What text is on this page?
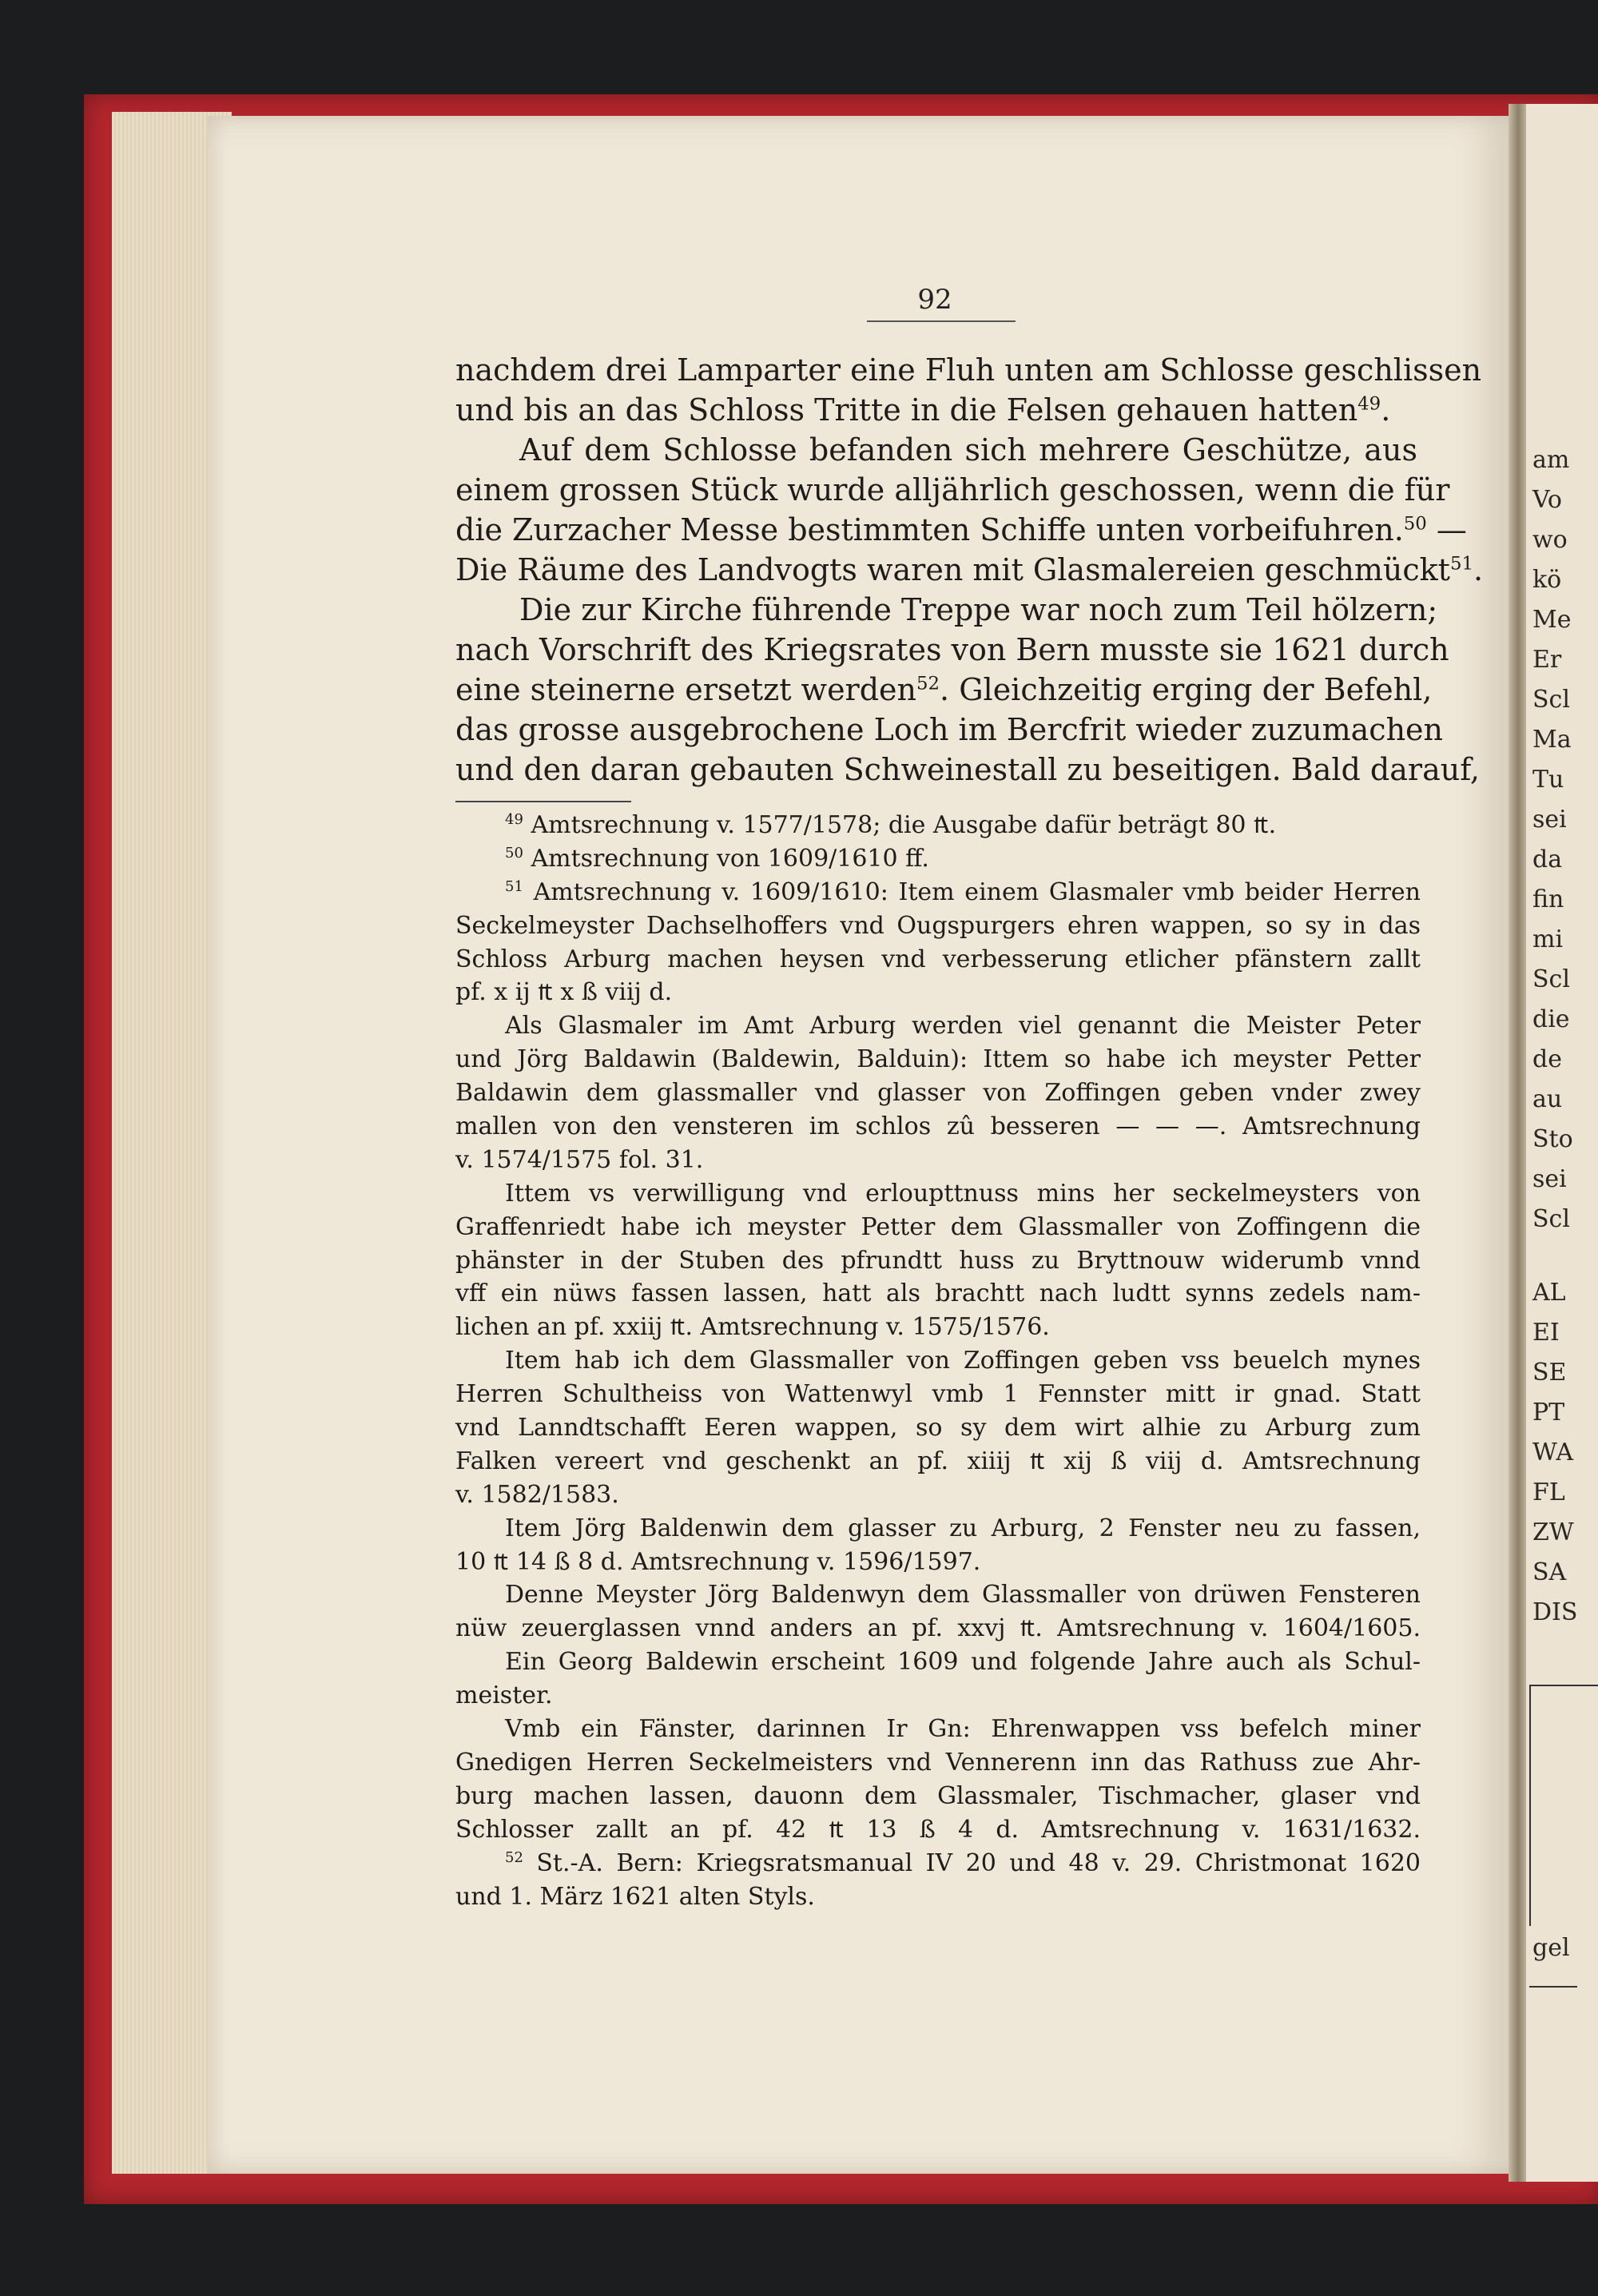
am
Vo
wo
kö
Me
Er
Scl
Ma
Tu
sei
da
fin
mi
Scl
die
de
au
Sto
sei
Scl
AL
EI
SE
PT
WA
FL
ZW
SA
DIS
gel
92
nachdem drei Lamparter eine Fluh unten am Schlosse geschlissen
und bis an das Schloss Tritte in die Felsen gehauen hatten$^{49}$.
Auf dem Schlosse befanden sich mehrere Geschütze, aus
einem grossen Stück wurde alljährlich geschossen, wenn die für
die Zurzacher Messe bestimmten Schiffe unten vorbeifuhren.$^{50}$ —
Die Räume des Landvogts waren mit Glasmalereien geschmückt$^{51}$.
Die zur Kirche führende Treppe war noch zum Teil hölzern;
nach Vorschrift des Kriegsrates von Bern musste sie 1621 durch
eine steinerne ersetzt werden$^{52}$. Gleichzeitig erging der Befehl,
das grosse ausgebrochene Loch im Bercfrit wieder zuzumachen
und den daran gebauten Schweinestall zu beseitigen. Bald darauf,
$^{49}$ Amtsrechnung v. 1577/1578; die Ausgabe dafür beträgt 80 ₶.
$^{50}$ Amtsrechnung von 1609/1610 ff.
$^{51}$ Amtsrechnung v. 1609/1610: Item einem Glasmaler vmb beider Herren
Seckelmeyster Dachselhoffers vnd Ougspurgers ehren wappen, so sy in das
Schloss Arburg machen heysen vnd verbesserung etlicher pfänstern zallt
pf. x ij ₶ x ß viij d.
Als Glasmaler im Amt Arburg werden viel genannt die Meister Peter
und Jörg Baldawin (Baldewin, Balduin): Ittem so habe ich meyster Petter
Baldawin dem glassmaller vnd glasser von Zoffingen geben vnder zwey
mallen von den vensteren im schlos zû besseren — — —. Amtsrechnung
v. 1574/1575 fol. 31.
Ittem vs verwilligung vnd erloupttnuss mins her seckelmeysters von
Graffenriedt habe ich meyster Petter dem Glassmaller von Zoffingenn die
phänster in der Stuben des pfrundtt huss zu Bryttnouw widerumb vnnd
vff ein nüws fassen lassen, hatt als brachtt nach ludtt synns zedels nam-
lichen an pf. xxiij ₶. Amtsrechnung v. 1575/1576.
Item hab ich dem Glassmaller von Zoffingen geben vss beuelch mynes
Herren Schultheiss von Wattenwyl vmb 1 Fennster mitt ir gnad. Statt
vnd Lanndtschafft Eeren wappen, so sy dem wirt alhie zu Arburg zum
Falken vereert vnd geschenkt an pf. xiiij ₶ xij ß viij d. Amtsrechnung
v. 1582/1583.
Item Jörg Baldenwin dem glasser zu Arburg, 2 Fenster neu zu fassen,
10 ₶ 14 ß 8 d. Amtsrechnung v. 1596/1597.
Denne Meyster Jörg Baldenwyn dem Glassmaller von drüwen Fensteren
nüw zeuerglassen vnnd anders an pf. xxvj ₶. Amtsrechnung v. 1604/1605.
Ein Georg Baldewin erscheint 1609 und folgende Jahre auch als Schul-
meister.
Vmb ein Fänster, darinnen Ir Gn: Ehrenwappen vss befelch miner
Gnedigen Herren Seckelmeisters vnd Vennerenn inn das Rathuss zue Ahr-
burg machen lassen, dauonn dem Glassmaler, Tischmacher, glaser vnd
Schlosser zallt an pf. 42 ₶ 13 ß 4 d. Amtsrechnung v. 1631/1632.
$^{52}$ St.-A. Bern: Kriegsratsmanual IV 20 und 48 v. 29. Christmonat 1620
und 1. März 1621 alten Styls.
